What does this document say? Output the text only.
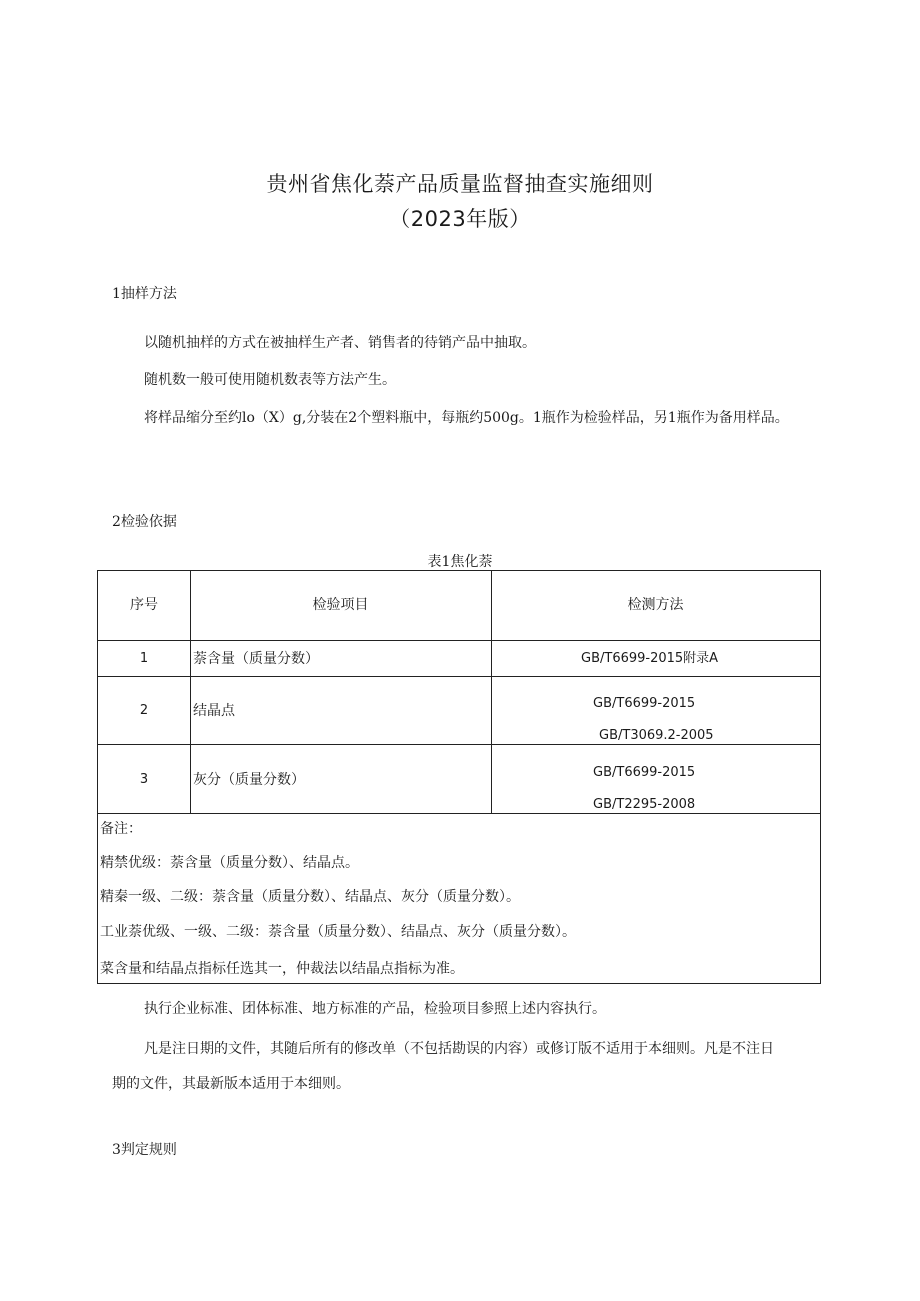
贵州省焦化萘产品质量监督抽查实施细则
（2023年版）
1抽样方法
以随机抽样的方式在被抽样生产者、销售者的待销产品中抽取。
随机数一般可使用随机数表等方法产生。
将样品缩分至约lo（X）g,分装在2个塑料瓶中，每瓶约500g。1瓶作为检验样品，另1瓶作为备用样品。
2检验依据
表1焦化萘
序号	检验项目	检测方法
1	萘含量（质量分数）	GB/T6699-2015附录A
2	结晶点	GB/T6699-2015
GB/T3069.2-2005
3	灰分（质量分数）	GB/T6699-2015
GB/T2295-2008
备注：
精禁优级：萘含量（质量分数）、结晶点。
精秦一级、二级：萘含量（质量分数）、结晶点、灰分（质量分数）。
工业萘优级、一级、二级：萘含量（质量分数）、结晶点、灰分（质量分数）。
菜含量和结晶点指标任选其一，仲裁法以结晶点指标为准。
执行企业标准、团体标准、地方标准的产品，检验项目参照上述内容执行。
凡是注日期的文件，其随后所有的修改单（不包括勘误的内容）或修订版不适用于本细则。凡是不注日期的文件，其最新版本适用于本细则。
3判定规则
